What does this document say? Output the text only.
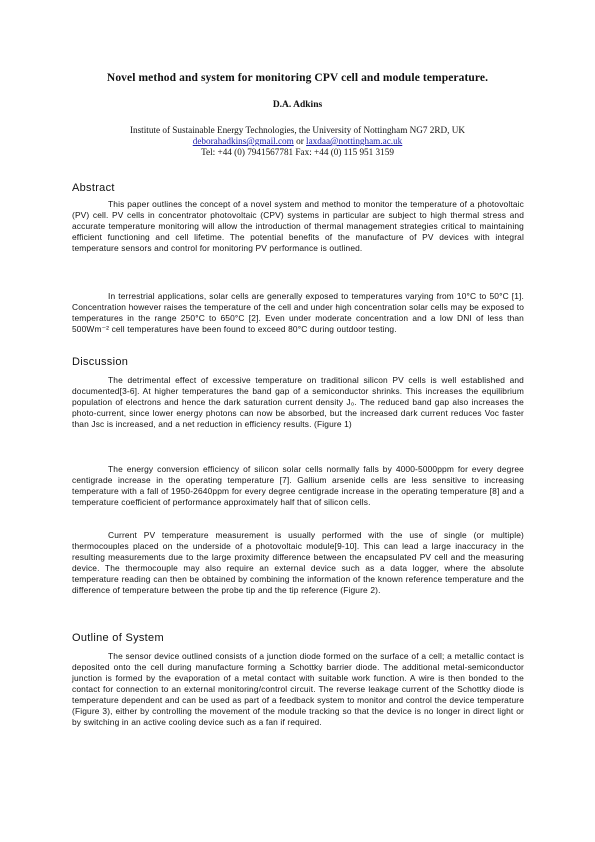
Novel method and system for monitoring CPV cell and module temperature.
D.A. Adkins
Institute of Sustainable Energy Technologies, the University of Nottingham NG7 2RD, UK
deborahadkins@gmail.com or laxdaa@nottingham.ac.uk
Tel: +44 (0) 7941567781 Fax: +44 (0) 115 951 3159
Abstract

This paper outlines the concept of a novel system and method to monitor the temperature of a photovoltaic (PV) cell. PV cells in concentrator photovoltaic (CPV) systems in particular are subject to high thermal stress and accurate temperature monitoring will allow the introduction of thermal management strategies critical to maintaining efficient functioning and cell lifetime. The potential benefits of the manufacture of PV devices with integral temperature sensors and control for monitoring PV performance is outlined.

In terrestrial applications, solar cells are generally exposed to temperatures varying from 10°C to 50°C [1]. Concentration however raises the temperature of the cell and under high concentration solar cells may be exposed to temperatures in the range 250°C to 650°C [2]. Even under moderate concentration and a low DNI of less than 500Wm⁻² cell temperatures have been found to exceed 80°C during outdoor testing.

Discussion

The detrimental effect of excessive temperature on traditional silicon PV cells is well established and documented[3-6]. At higher temperatures the band gap of a semiconductor shrinks. This increases the equilibrium population of electrons and hence the dark saturation current density J₀. The reduced band gap also increases the photo-current, since lower energy photons can now be absorbed, but the increased dark current reduces Voc faster than Jsc is increased, and a net reduction in efficiency results. (Figure 1)

The energy conversion efficiency of silicon solar cells normally falls by 4000-5000ppm for every degree centigrade increase in the operating temperature [7]. Gallium arsenide cells are less sensitive to increasing temperature with a fall of 1950-2640ppm for every degree centigrade increase in the operating temperature [8] and a temperature coefficient of performance approximately half that of silicon cells.

Current PV temperature measurement is usually performed with the use of single (or multiple) thermocouples placed on the underside of a photovoltaic module[9-10]. This can lead a large inaccuracy in the resulting measurements due to the large proximity difference between the encapsulated PV cell and the measuring device. The thermocouple may also require an external device such as a data logger, where the absolute temperature reading can then be obtained by combining the information of the known reference temperature and the difference of temperature between the probe tip and the tip reference (Figure 2).

Outline of System

The sensor device outlined consists of a junction diode formed on the surface of a cell; a metallic contact is deposited onto the cell during manufacture forming a Schottky barrier diode. The additional metal-semiconductor junction is formed by the evaporation of a metal contact with suitable work function. A wire is then bonded to the contact for connection to an external monitoring/control circuit. The reverse leakage current of the Schottky diode is temperature dependent and can be used as part of a feedback system to monitor and control the device temperature (Figure 3), either by controlling the movement of the module tracking so that the device is no longer in direct light or by switching in an active cooling device such as a fan if required.
